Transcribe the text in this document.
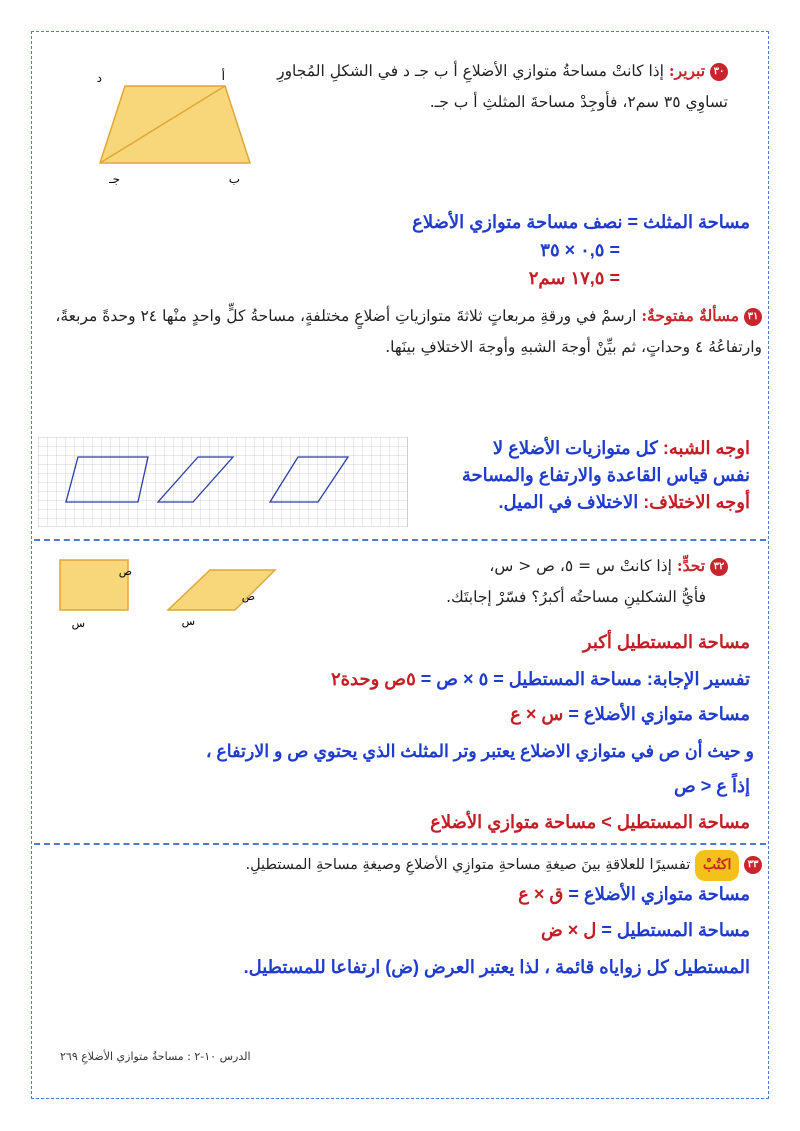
٣٠ تبرير: إذا كانتْ مساحةُ متوازي الأضلاعِ أ ب جـ د في الشكلِ المُجاورِ تساوِي ٣٥ سم٢، فأوجِدْ مساحةَ المثلثِ أ ب جـ.
أ
د
ب
جـ
مساحة المثلث = نصف مساحة متوازي الأضلاع
= ٠,٥ × ٣٥
= ١٧,٥ سم٢
٣١ مسألةٌ مفتوحةٌ: ارسمْ في ورقةِ مربعاتٍ ثلاثةَ متوازياتِ أضلاعٍ مختلفةٍ، مساحةُ كلٍّ واحدٍ منْها ٢٤ وحدةً مربعةً، وارتفاعُهُ ٤ وحداتٍ، ثم بيِّنْ أوجهَ الشبهِ وأوجهَ الاختلافِ بينَها.
اوجه الشبه: كل متوازيات الأضلاع لا
نفس قياس القاعدة والارتفاع والمساحة
أوجه الاختلاف: الاختلاف في الميل.
٣٢ تحدٍّ: إذا كانتْ س = ٥، ص < س،
فأيُّ الشكلينِ مساحتُه أكبرُ؟ فسّرْ إجابتَك.
ص
س
ص
س
مساحة المستطيل أكبر
تفسير الإجابة: مساحة المستطيل = ٥ × ص = ٥ص وحدة٢
مساحة متوازي الأضلاع = س × ع
و حيث أن ص في متوازي الاضلاع يعتبر وتر المثلث الذي يحتوي ص و الارتفاع ،
إذاً ع < ص
مساحة المستطيل > مساحة متوازي الأضلاع
٣٣ اكتُبْ تفسيرًا للعلاقةِ بينَ صيغةِ مساحةِ متوازِي الأضلاعِ وصيغةِ مساحةِ المستطيلِ.
مساحة متوازي الأضلاع = ق × ع
مساحة المستطيل = ل × ض
المستطيل كل زواياه قائمة ، لذا يعتبر العرض (ض) ارتفاعا للمستطيل.
الدرس ١٠-٢ : مساحةُ متوازي الأضلاعِ ٢٦٩
